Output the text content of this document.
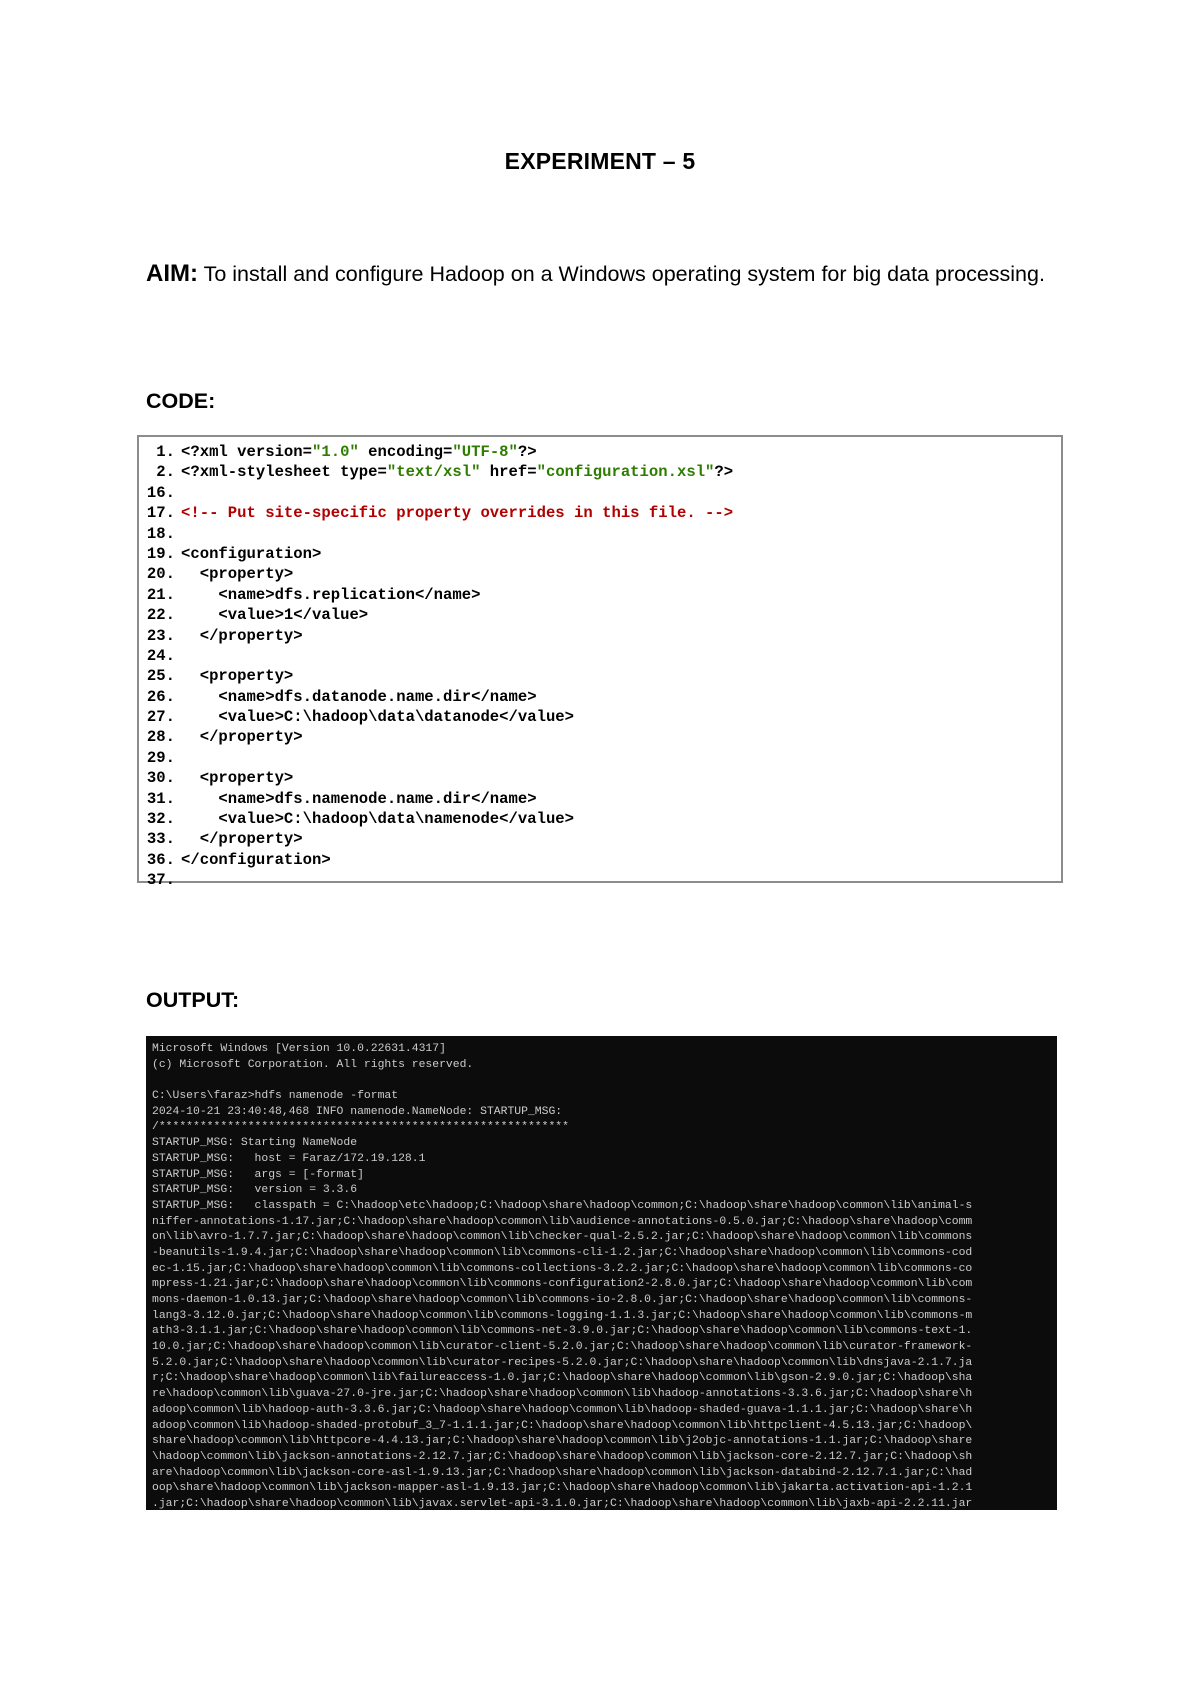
EXPERIMENT – 5
AIM: To install and configure Hadoop on a Windows operating system for big data processing.
CODE:
1. <?xml version="1.0" encoding="UTF-8"?>
2. <?xml-stylesheet type="text/xsl" href="configuration.xsl"?>
16.
17. <!-- Put site-specific property overrides in this file. -->
18.
19. <configuration>
20.  <property>
21.    <name>dfs.replication</name>
22.    <value>1</value>
23.  </property>
24.
25.  <property>
26.    <name>dfs.datanode.name.dir</name>
27.    <value>C:\hadoop\data\datanode</value>
28.  </property>
29.
30.  <property>
31.    <name>dfs.namenode.name.dir</name>
32.    <value>C:\hadoop\data\namenode</value>
33.  </property>
36. </configuration>
37.
OUTPUT:
Microsoft Windows [Version 10.0.22631.4317]
(c) Microsoft Corporation. All rights reserved.
C:\Users\faraz>hdfs namenode -format
2024-10-21 23:40:48,468 INFO namenode.NameNode: STARTUP_MSG:
/************************************************************
STARTUP_MSG: Starting NameNode
STARTUP_MSG:   host = Faraz/172.19.128.1
STARTUP_MSG:   args = [-format]
STARTUP_MSG:   version = 3.3.6
STARTUP_MSG:   classpath = C:\hadoop\etc\hadoop;C:\hadoop\share\hadoop\common;C:\hadoop\share\hadoop\common\lib\animal-s
niffer-annotations-1.17.jar;C:\hadoop\share\hadoop\common\lib\audience-annotations-0.5.0.jar;C:\hadoop\share\hadoop\comm
on\lib\avro-1.7.7.jar;C:\hadoop\share\hadoop\common\lib\checker-qual-2.5.2.jar;C:\hadoop\share\hadoop\common\lib\commons
-beanutils-1.9.4.jar;C:\hadoop\share\hadoop\common\lib\commons-cli-1.2.jar;C:\hadoop\share\hadoop\common\lib\commons-cod
ec-1.15.jar;C:\hadoop\share\hadoop\common\lib\commons-collections-3.2.2.jar;C:\hadoop\share\hadoop\common\lib\commons-co
mpress-1.21.jar;C:\hadoop\share\hadoop\common\lib\commons-configuration2-2.8.0.jar;C:\hadoop\share\hadoop\common\lib\com
mons-daemon-1.0.13.jar;C:\hadoop\share\hadoop\common\lib\commons-io-2.8.0.jar;C:\hadoop\share\hadoop\common\lib\commons-
lang3-3.12.0.jar;C:\hadoop\share\hadoop\common\lib\commons-logging-1.1.3.jar;C:\hadoop\share\hadoop\common\lib\commons-m
ath3-3.1.1.jar;C:\hadoop\share\hadoop\common\lib\commons-net-3.9.0.jar;C:\hadoop\share\hadoop\common\lib\commons-text-1.
10.0.jar;C:\hadoop\share\hadoop\common\lib\curator-client-5.2.0.jar;C:\hadoop\share\hadoop\common\lib\curator-framework-
5.2.0.jar;C:\hadoop\share\hadoop\common\lib\curator-recipes-5.2.0.jar;C:\hadoop\share\hadoop\common\lib\dnsjava-2.1.7.ja
r;C:\hadoop\share\hadoop\common\lib\failureaccess-1.0.jar;C:\hadoop\share\hadoop\common\lib\gson-2.9.0.jar;C:\hadoop\sha
re\hadoop\common\lib\guava-27.0-jre.jar;C:\hadoop\share\hadoop\common\lib\hadoop-annotations-3.3.6.jar;C:\hadoop\share\h
adoop\common\lib\hadoop-auth-3.3.6.jar;C:\hadoop\share\hadoop\common\lib\hadoop-shaded-guava-1.1.1.jar;C:\hadoop\share\h
adoop\common\lib\hadoop-shaded-protobuf_3_7-1.1.1.jar;C:\hadoop\share\hadoop\common\lib\httpclient-4.5.13.jar;C:\hadoop\
share\hadoop\common\lib\httpcore-4.4.13.jar;C:\hadoop\share\hadoop\common\lib\j2objc-annotations-1.1.jar;C:\hadoop\share
\hadoop\common\lib\jackson-annotations-2.12.7.jar;C:\hadoop\share\hadoop\common\lib\jackson-core-2.12.7.jar;C:\hadoop\sh
are\hadoop\common\lib\jackson-core-asl-1.9.13.jar;C:\hadoop\share\hadoop\common\lib\jackson-databind-2.12.7.1.jar;C:\had
oop\share\hadoop\common\lib\jackson-mapper-asl-1.9.13.jar;C:\hadoop\share\hadoop\common\lib\jakarta.activation-api-1.2.1
.jar;C:\hadoop\share\hadoop\common\lib\javax.servlet-api-3.1.0.jar;C:\hadoop\share\hadoop\common\lib\jaxb-api-2.2.11.jar
